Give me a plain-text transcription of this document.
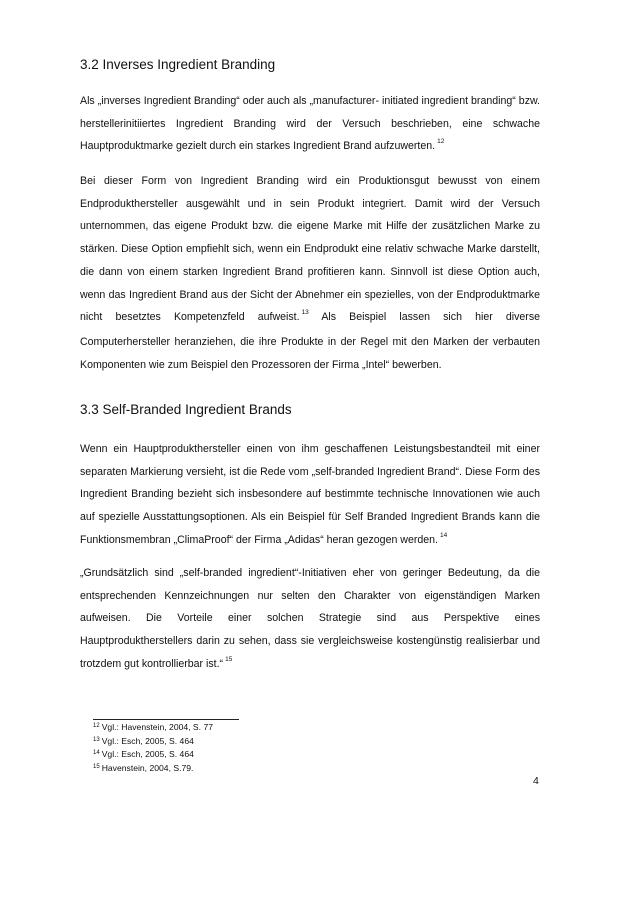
3.2 Inverses Ingredient Branding

Als „inverses Ingredient Branding“ oder auch als „manufacturer- initiated ingredient branding“ bzw. herstellerinitiiertes Ingredient Branding wird der Versuch beschrieben, eine schwache Hauptproduktmarke gezielt durch ein starkes Ingredient Brand aufzuwerten. $^{12}$

Bei dieser Form von Ingredient Branding wird ein Produktionsgut bewusst von einem Endprodukthersteller ausgewählt und in sein Produkt integriert. Damit wird der Versuch unternommen, das eigene Produkt bzw. die eigene Marke mit Hilfe der zusätzlichen Marke zu stärken. Diese Option empfiehlt sich, wenn ein Endprodukt eine relativ schwache Marke darstellt, die dann von einem starken Ingredient Brand profitieren kann. Sinnvoll ist diese Option auch, wenn das Ingredient Brand aus der Sicht der Abnehmer ein spezielles, von der Endproduktmarke nicht besetztes Kompetenzfeld aufweist. $^{13}$ Als Beispiel lassen sich hier diverse Computerhersteller heranziehen, die ihre Produkte in der Regel mit den Marken der verbauten Komponenten wie zum Beispiel den Prozessoren der Firma „Intel“ bewerben.

3.3 Self-Branded Ingredient Brands

Wenn ein Hauptprodukthersteller einen von ihm geschaffenen Leistungsbestandteil mit einer separaten Markierung versieht, ist die Rede vom „self-branded Ingredient Brand“. Diese Form des Ingredient Branding bezieht sich insbesondere auf bestimmte technische Innovationen wie auch auf spezielle Ausstattungsoptionen. Als ein Beispiel für Self Branded Ingredient Brands kann die Funktionsmembran „ClimaProof“ der Firma „Adidas“ heran gezogen werden. $^{14}$

„Grundsätzlich sind „self-branded ingredient“-Initiativen eher von geringer Bedeutung, da die entsprechenden Kennzeichnungen nur selten den Charakter von eigenständigen Marken aufweisen. Die Vorteile einer solchen Strategie sind aus Perspektive eines Hauptproduktherstellers darin zu sehen, dass sie vergleichsweise kostengünstig realisierbar und trotzdem gut kontrollierbar ist.“ $^{15}$

$^{12}$ Vgl.: Havenstein, 2004, S. 77
$^{13}$ Vgl.: Esch, 2005, S. 464
$^{14}$ Vgl.: Esch, 2005, S. 464
$^{15}$ Havenstein, 2004, S.79.
4
